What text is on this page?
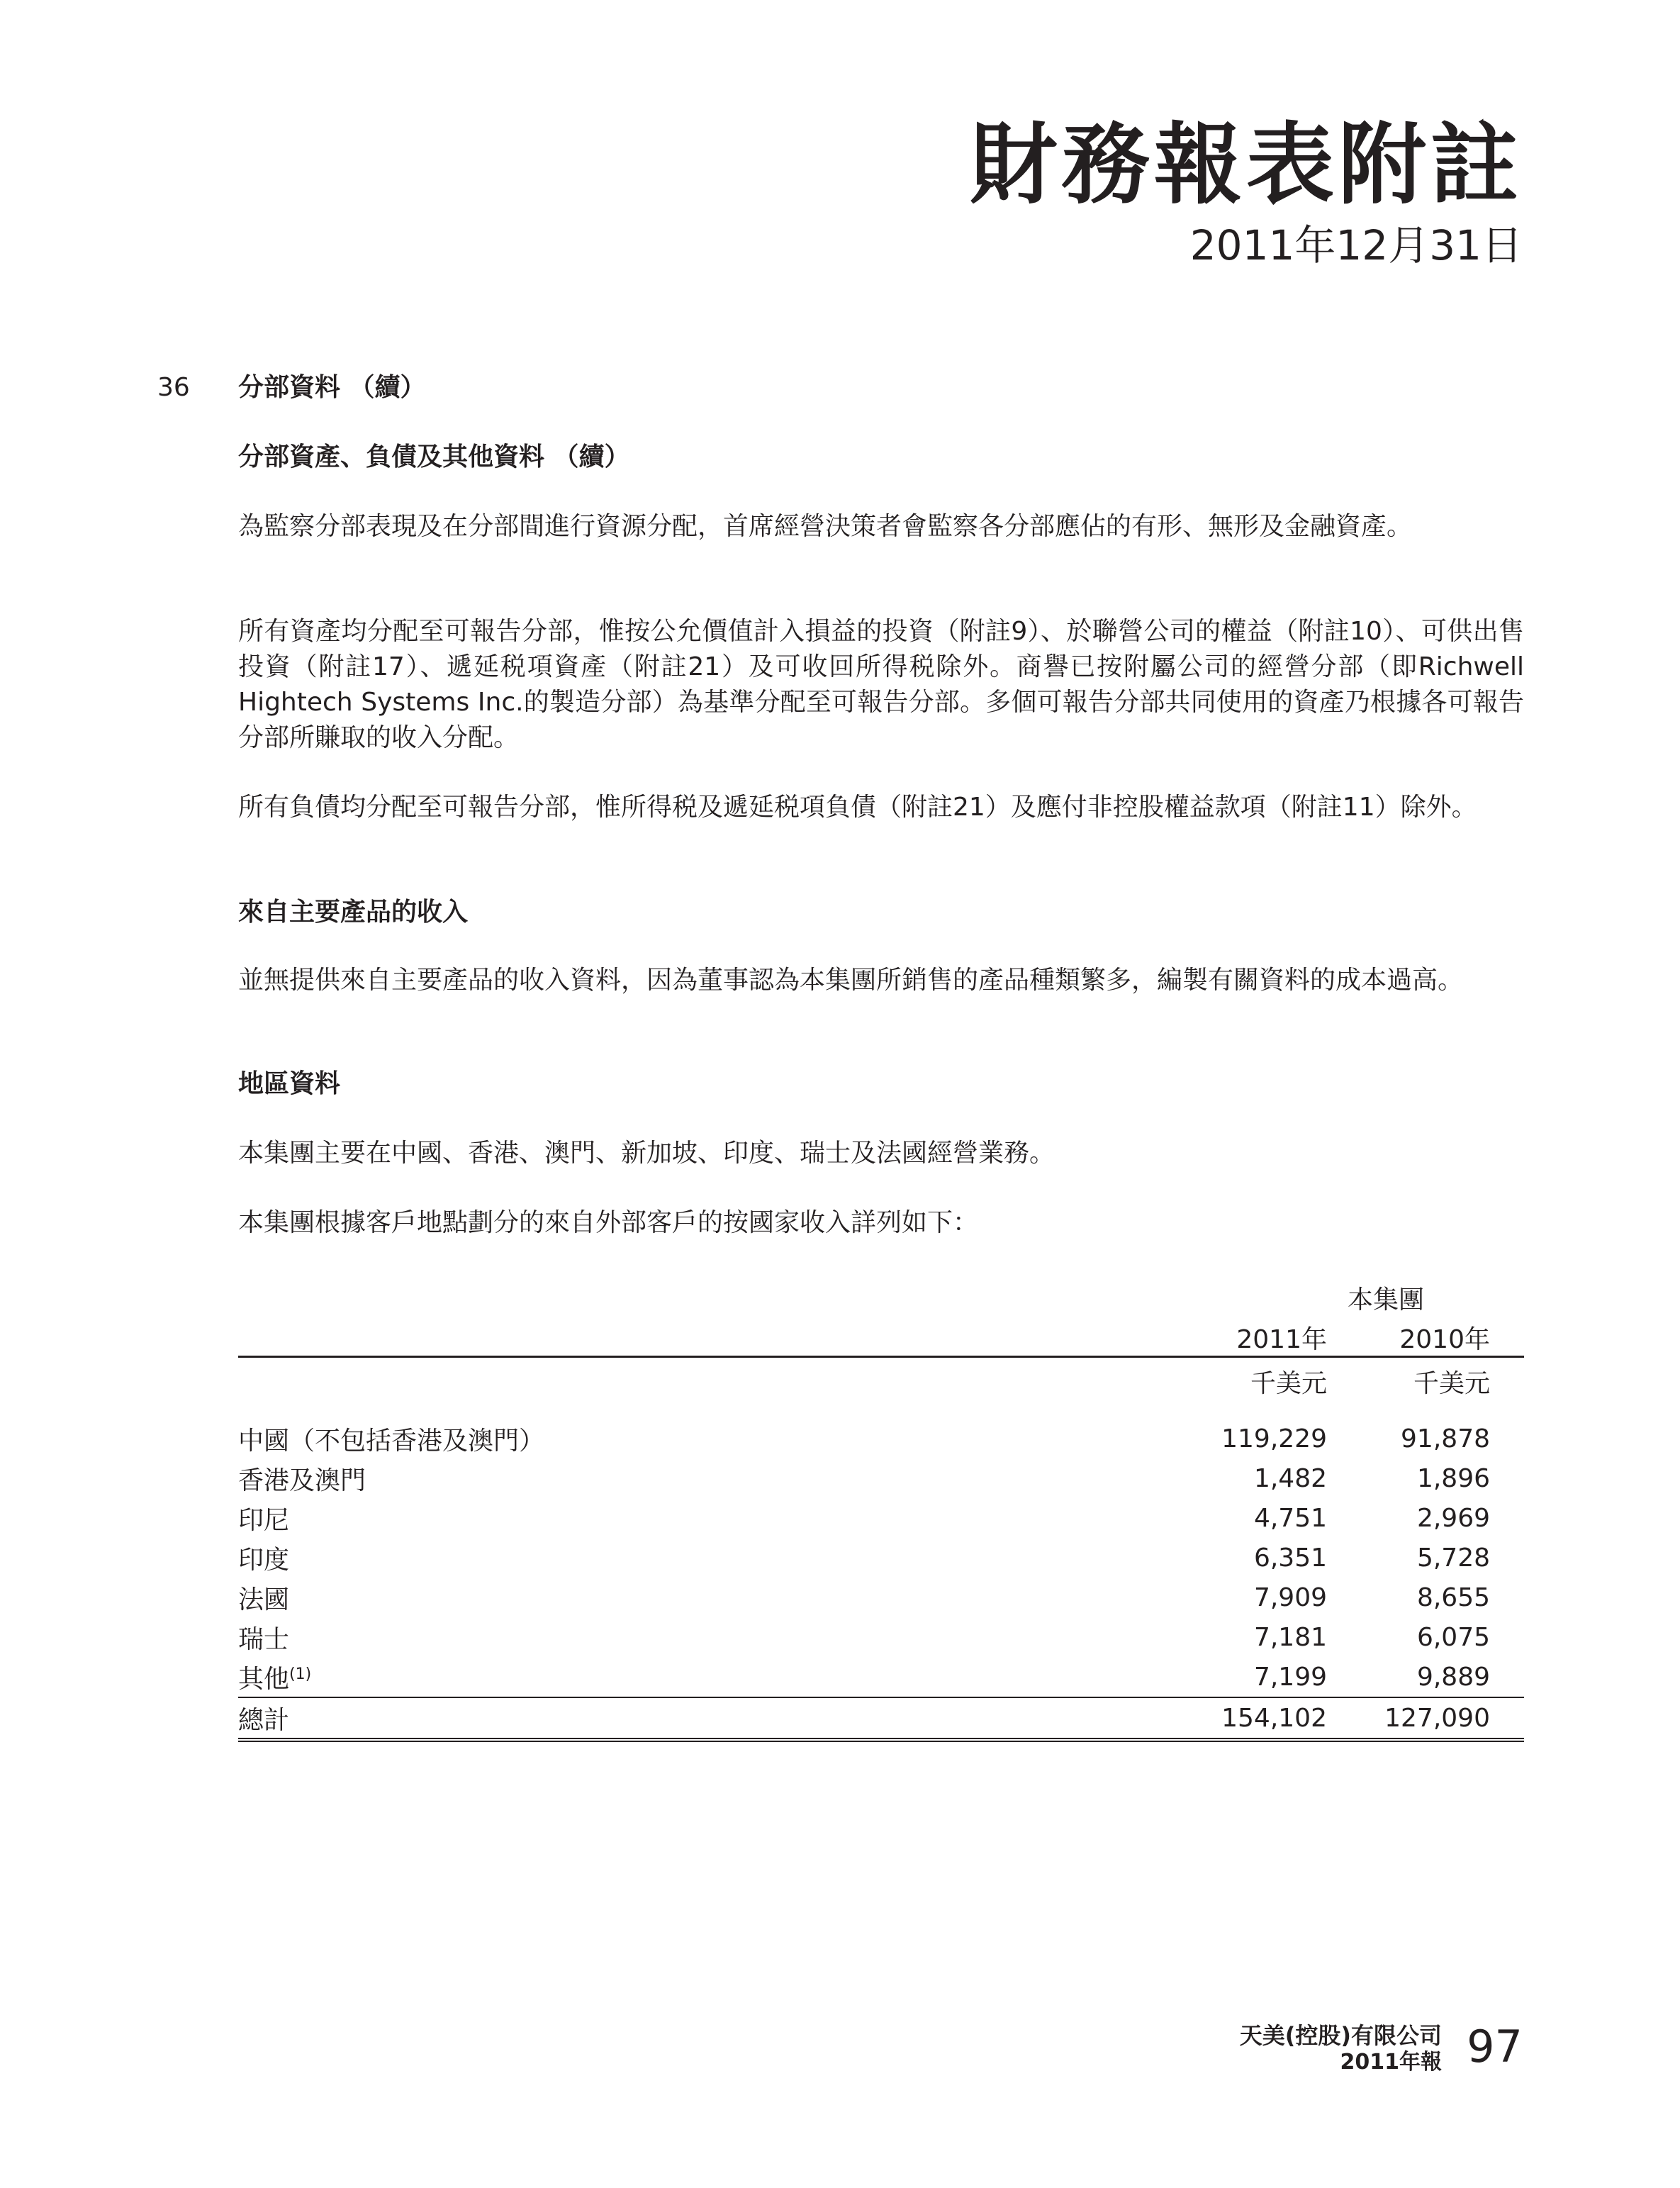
財務報表附註
2011年12月31日
36 分部資料 （續）
分部資產、負債及其他資料 （續）
為監察分部表現及在分部間進行資源分配，首席經營決策者會監察各分部應佔的有形、無形及金融資產。
所有資產均分配至可報告分部，惟按公允價值計入損益的投資（附註9）、於聯營公司的權益（附註10）、可供出售投資（附註17）、遞延税項資產（附註21）及可收回所得税除外。商譽已按附屬公司的經營分部（即Richwell Hightech Systems Inc.的製造分部）為基準分配至可報告分部。多個可報告分部共同使用的資產乃根據各可報告分部所賺取的收入分配。
所有負債均分配至可報告分部，惟所得税及遞延税項負債（附註21）及應付非控股權益款項（附註11）除外。
來自主要產品的收入
並無提供來自主要產品的收入資料，因為董事認為本集團所銷售的產品種類繁多，編製有關資料的成本過高。
地區資料
本集團主要在中國、香港、澳門、新加坡、印度、瑞士及法國經營業務。
本集團根據客戶地點劃分的來自外部客戶的按國家收入詳列如下：
	本集團	
	2011年	2010年
	千美元	千美元

中國（不包括香港及澳門）	119,229	91,878
香港及澳門	1,482	1,896
印尼	4,751	2,969
印度	6,351	5,728
法國	7,909	8,655
瑞士	7,181	6,075
其他$^{(1)}$	7,199	9,889
總計	154,102	127,090
天美(控股)有限公司
2011年報 97
